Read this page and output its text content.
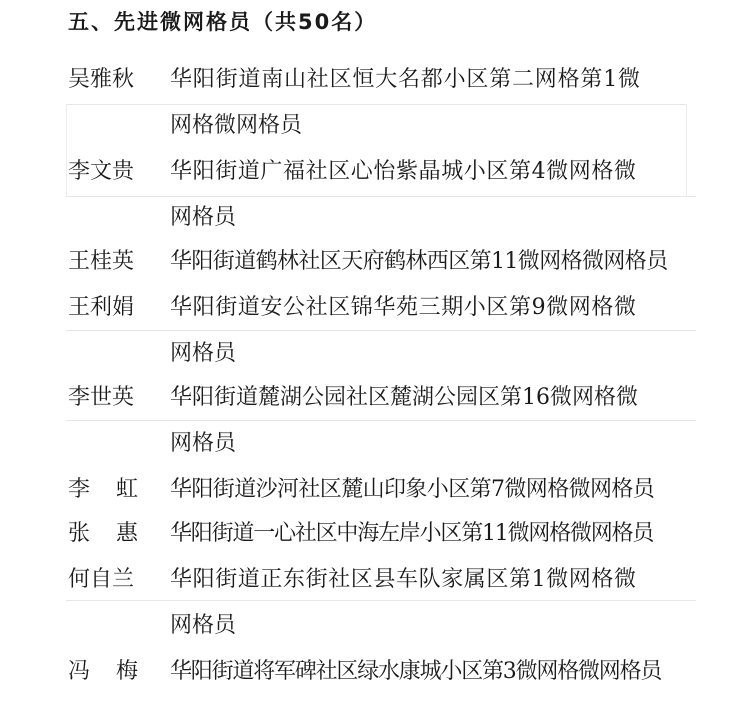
五、先进微网格员（共50名）
吴雅秋 华阳街道南山社区恒大名都小区第二网格第1微
网格微网格员
李文贵 华阳街道广福社区心怡紫晶城小区第4微网格微
网格员
王桂英 华阳街道鹤林社区天府鹤林西区第11微网格微网格员
王利娟 华阳街道安公社区锦华苑三期小区第9微网格微
网格员
李世英 华阳街道麓湖公园社区麓湖公园区第16微网格微
网格员
李　虹 华阳街道沙河社区麓山印象小区第7微网格微网格员
张　惠 华阳街道一心社区中海左岸小区第11微网格微网格员
何自兰 华阳街道正东街社区县车队家属区第1微网格微
网格员
冯　梅 华阳街道将军碑社区绿水康城小区第3微网格微网格员
